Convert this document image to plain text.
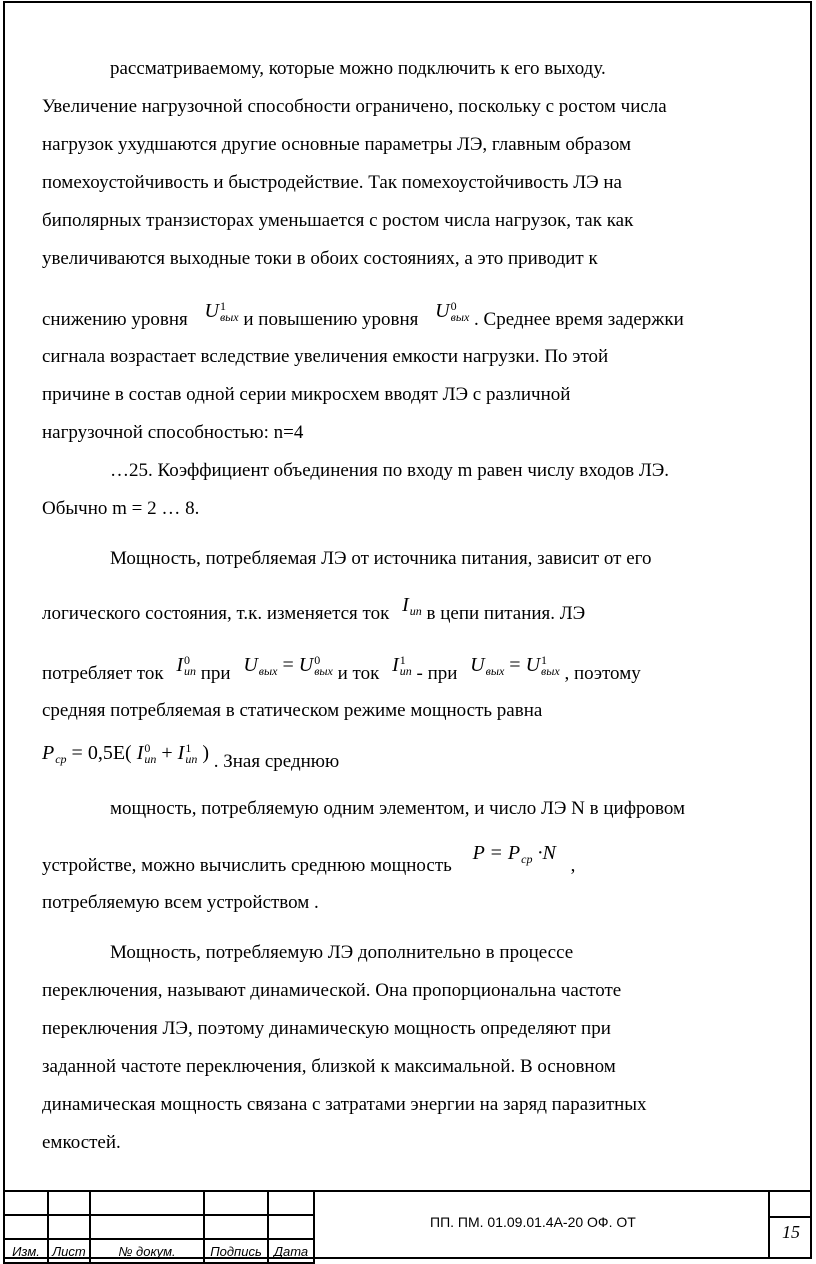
рассматриваемому, которые можно подключить к его выходу.
Увеличение нагрузочной способности ограничено, поскольку с ростом числа
нагрузок ухудшаются другие основные параметры ЛЭ, главным образом
помехоустойчивость и быстродействие. Так помехоустойчивость ЛЭ на
биполярных транзисторах уменьшается с ростом числа нагрузок, так как
увеличиваются выходные токи в обоих состояниях, а это приводит к
снижению уровня U 1
вых и повышению уровня U 0
вых . Среднее время задержки
сигнала возрастает вследствие увеличения емкости нагрузки. По этой
причине в состав одной серии микросхем вводят ЛЭ с различной
нагрузочной способностью: n=4
…25. Коэффициент объединения по входу m равен числу входов ЛЭ.
Обычно m = 2 … 8.
Мощность, потребляемая ЛЭ от источника питания, зависит от его
логического состояния, т.к. изменяется ток I
ип в цепи питания. ЛЭ
потребляет ток I 0
ип при U
вых = U 0
вых и ток I 1
ип - при U
вых = U 1
вых , поэтому
средняя потребляемая в статическом режиме мощность равна
P
ср = 0,5E( I 0
ип + I 1
ип ) . Зная среднюю
мощность, потребляемую одним элементом, и число ЛЭ N в цифровом
устройстве, можно вычислить среднюю мощность P = P
ср ·N ,
потребляемую всем устройством .
Мощность, потребляемую ЛЭ дополнительно в процессе
переключения, называют динамической. Она пропорциональна частоте
переключения ЛЭ, поэтому динамическую мощность определяют при
заданной частоте переключения, близкой к максимальной. В основном
динамическая мощность связана с затратами энергии на заряд паразитных
емкостей.

Изм.	Лист	№ докум.	Подпись	Дата
ПП. ПМ. 01.09.01.4А-20 ОФ. ОТ	15
